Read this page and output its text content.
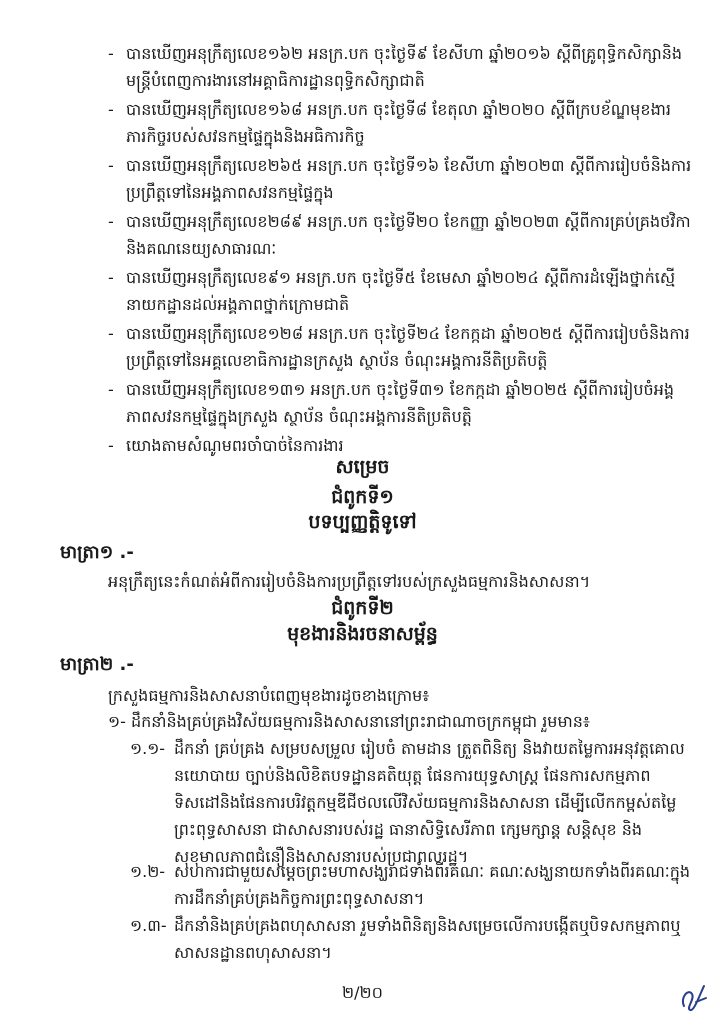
- បានឃើញអនុក្រឹត្យលេខ១៦២ អនក្រ.បក ចុះថ្ងៃទី៩ ខែសីហា ឆ្នាំ២០១៦ ស្តីពីគ្រូពុទ្ធិកសិក្សានិងមន្ត្រីបំពេញការងារនៅអគ្គាធិការដ្ឋានពុទ្ធិកសិក្សាជាតិ
- បានឃើញអនុក្រឹត្យលេខ១៦៨ អនក្រ.បក ចុះថ្ងៃទី៨ ខែតុលា ឆ្នាំ២០២០ ស្តីពីក្របខ័ណ្ឌមុខងារ ភារកិច្ចរបស់សវនកម្មផ្ទៃក្នុងនិងអធិការកិច្ច
- បានឃើញអនុក្រឹត្យលេខ២៦៥ អនក្រ.បក ចុះថ្ងៃទី១៦ ខែសីហា ឆ្នាំ២០២៣ ស្តីពីការរៀបចំនិងការប្រព្រឹត្តទៅនៃអង្គភាពសវនកម្មផ្ទៃក្នុង
- បានឃើញអនុក្រឹត្យលេខ២៨៩ អនក្រ.បក ចុះថ្ងៃទី២០ ខែកញ្ញា ឆ្នាំ២០២៣ ស្តីពីការគ្រប់គ្រងថវិកានិងគណនេយ្យសាធារណៈ
- បានឃើញអនុក្រឹត្យលេខ៩១ អនក្រ.បក ចុះថ្ងៃទី៥ ខែមេសា ឆ្នាំ២០២៤ ស្តីពីការដំឡើងថ្នាក់ស្មើនាយកដ្ឋានដល់អង្គភាពថ្នាក់ក្រោមជាតិ
- បានឃើញអនុក្រឹត្យលេខ១២៨ អនក្រ.បក ចុះថ្ងៃទី២៤ ខែកក្កដា ឆ្នាំ២០២៥ ស្តីពីការរៀបចំនិងការប្រព្រឹត្តទៅនៃអគ្គលេខាធិការដ្ឋានក្រសួង ស្ថាប័ន ចំណុះអង្គការនីតិប្រតិបត្តិ
- បានឃើញអនុក្រឹត្យលេខ១៣១ អនក្រ.បក ចុះថ្ងៃទី៣១ ខែកក្កដា ឆ្នាំ២០២៥ ស្តីពីការរៀបចំអង្គភាពសវនកម្មផ្ទៃក្នុងក្រសួង ស្ថាប័ន ចំណុះអង្គការនីតិប្រតិបត្តិ
- យោងតាមសំណូមពរចាំបាច់នៃការងារ
សម្រេច
ជំពូកទី១
បទប្បញ្ញត្តិទូទៅ
មាត្រា១ .-
អនុក្រឹត្យនេះកំណត់អំពីការរៀបចំនិងការប្រព្រឹត្តទៅរបស់ក្រសួងធម្មការនិងសាសនា។
ជំពូកទី២
មុខងារនិងរចនាសម្ព័ន្ធ
មាត្រា២ .-
ក្រសួងធម្មការនិងសាសនាបំពេញមុខងារដូចខាងក្រោម៖
១- ដឹកនាំនិងគ្រប់គ្រងវិស័យធម្មការនិងសាសនានៅព្រះរាជាណាចក្រកម្ពុជា រួមមាន៖
១.១- ដឹកនាំ គ្រប់គ្រង សម្របសម្រួល រៀបចំ តាមដាន ត្រួតពិនិត្យ និងវាយតម្លៃការអនុវត្តគោលនយោបាយ ច្បាប់និងលិខិតបទដ្ឋានគតិយុត្ត ផែនការយុទ្ធសាស្ត្រ ផែនការសកម្មភាពទិសដៅនិងផែនការបរិវត្តកម្មឌីជីថលលើវិស័យធម្មការនិងសាសនា ដើម្បីលើកកម្ពស់តម្លៃព្រះពុទ្ធសាសនា ជាសាសនារបស់រដ្ឋ ធានាសិទ្ធិសេរីភាព ក្សេមក្សាន្ត សន្តិសុខ និងសុខុមាលភាពជំនឿនិងសាសនារបស់ប្រជាពលរដ្ឋ។
១.២- សហការជាមួយសម្ដេចព្រះមហាសង្ឃរាជទាំងពីរគណៈ គណៈសង្ឃនាយកទាំងពីរគណៈក្នុងការដឹកនាំគ្រប់គ្រងកិច្ចការព្រះពុទ្ធសាសនា។
១.៣- ដឹកនាំនិងគ្រប់គ្រងពហុសាសនា រួមទាំងពិនិត្យនិងសម្រេចលើការបង្កើតឬបិទសកម្មភាពឬសាសនដ្ឋានពហុសាសនា។
២/២០
